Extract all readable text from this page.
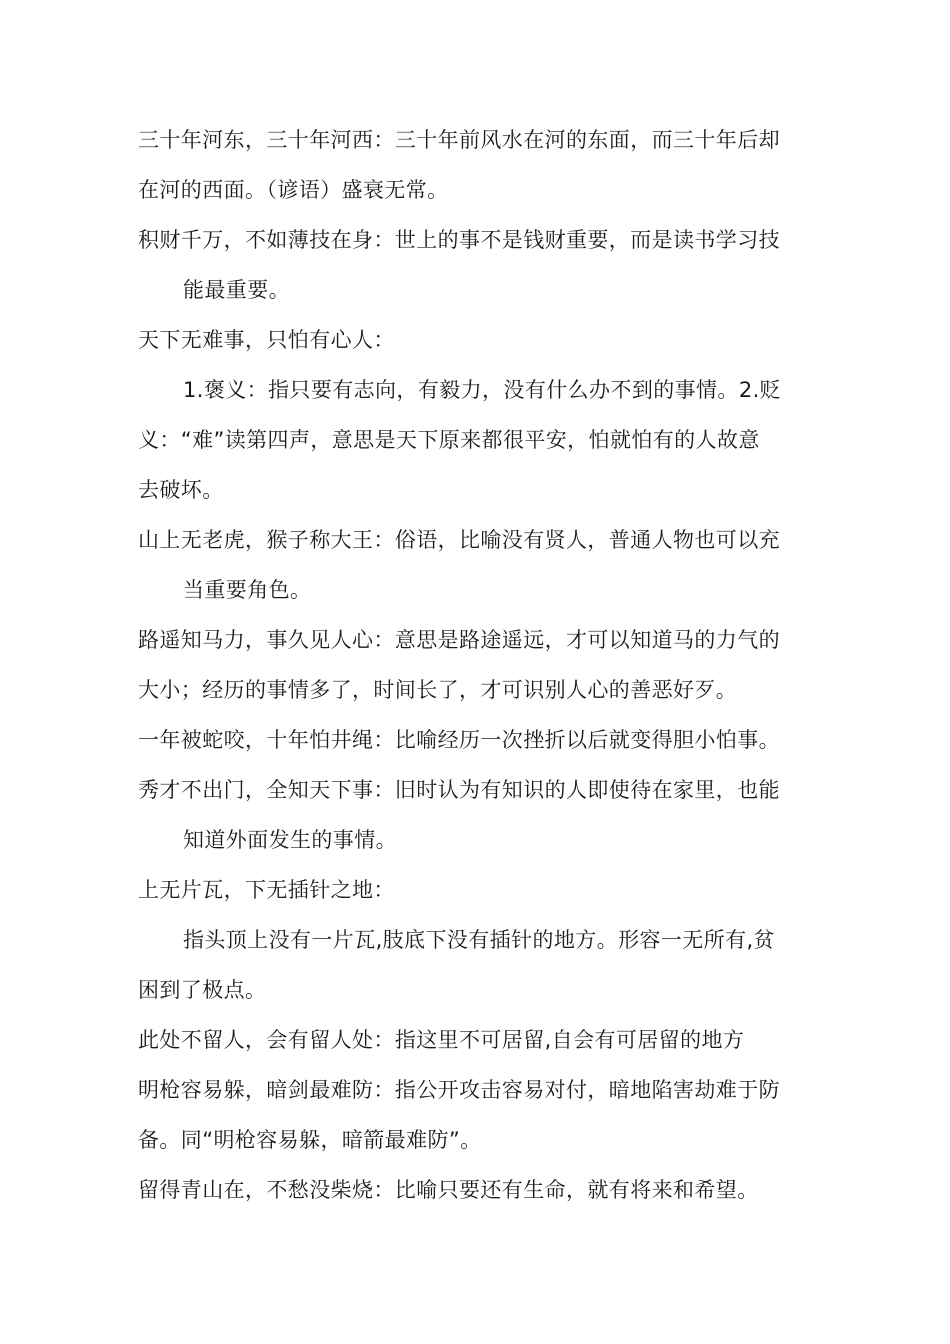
三十年河东，三十年河西：三十年前风水在河的东面，而三十年后却
在河的西面。（谚语）盛衰无常。
积财千万，不如薄技在身：世上的事不是钱财重要，而是读书学习技
能最重要。
天下无难事，只怕有心人：
1.褒义：指只要有志向，有毅力，没有什么办不到的事情。2.贬
义：“难”读第四声，意思是天下原来都很平安，怕就怕有的人故意
去破坏。
山上无老虎，猴子称大王：俗语，比喻没有贤人，普通人物也可以充
当重要角色。
路遥知马力，事久见人心：意思是路途遥远，才可以知道马的力气的
大小；经历的事情多了，时间长了，才可识别人心的善恶好歹。
一年被蛇咬，十年怕井绳：比喻经历一次挫折以后就变得胆小怕事。
秀才不出门，全知天下事：旧时认为有知识的人即使待在家里，也能
知道外面发生的事情。
上无片瓦，下无插针之地：
指头顶上没有一片瓦,肢底下没有插针的地方。形容一无所有,贫
困到了极点。
此处不留人，会有留人处：指这里不可居留,自会有可居留的地方
明枪容易躲，暗剑最难防：指公开攻击容易对付，暗地陷害劫难于防
备。同“明枪容易躲，暗箭最难防”。
留得青山在，不愁没柴烧：比喻只要还有生命，就有将来和希望。
